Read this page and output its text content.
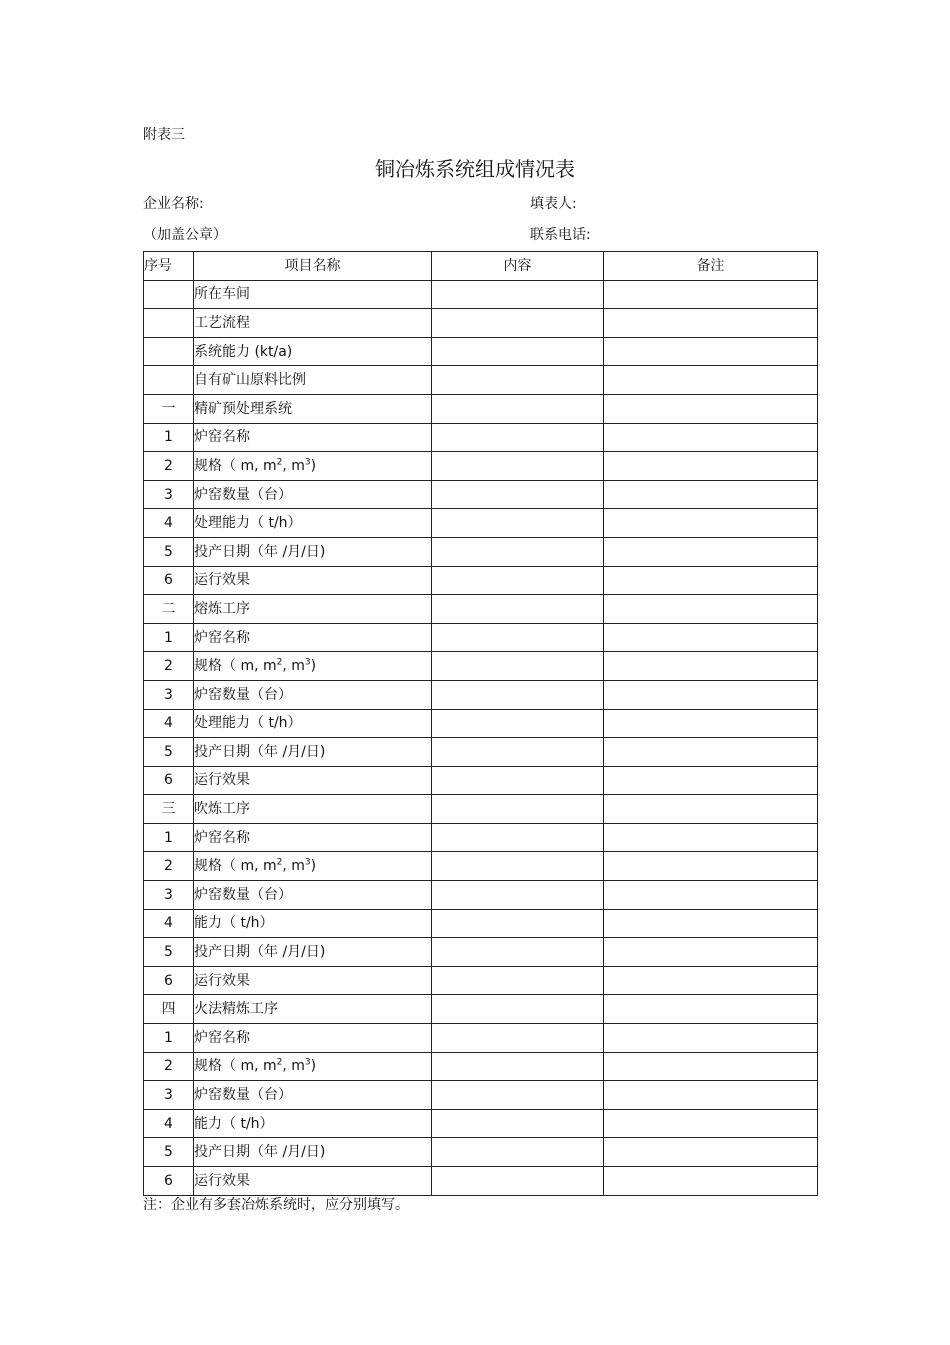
附表三
铜冶炼系统组成情况表
企业名称:	填表人:
（加盖公章）	联系电话:
序号	项目名称	内容	备注
	所在车间		
	工艺流程		
	系统能力 (kt/a)		
	自有矿山原料比例		
一	精矿预处理系统		
1	炉窑名称		
2	规格（ m, $m^2$, $m^3$)		
3	炉窑数量（台）		
4	处理能力（ t/h）		
5	投产日期（年 /月/日)		
6	运行效果		
二	熔炼工序		
1	炉窑名称		
2	规格（ m, $m^2$, $m^3$)		
3	炉窑数量（台）		
4	处理能力（ t/h）		
5	投产日期（年 /月/日)		
6	运行效果		
三	吹炼工序		
1	炉窑名称		
2	规格（ m, $m^2$, $m^3$)		
3	炉窑数量（台）		
4	能力（ t/h）		
5	投产日期（年 /月/日)		
6	运行效果		
四	火法精炼工序		
1	炉窑名称		
2	规格（ m, $m^2$, $m^3$)		
3	炉窑数量（台）		
4	能力（ t/h）		
5	投产日期（年 /月/日)		
6	运行效果		
注：企业有多套冶炼系统时，应分别填写。
